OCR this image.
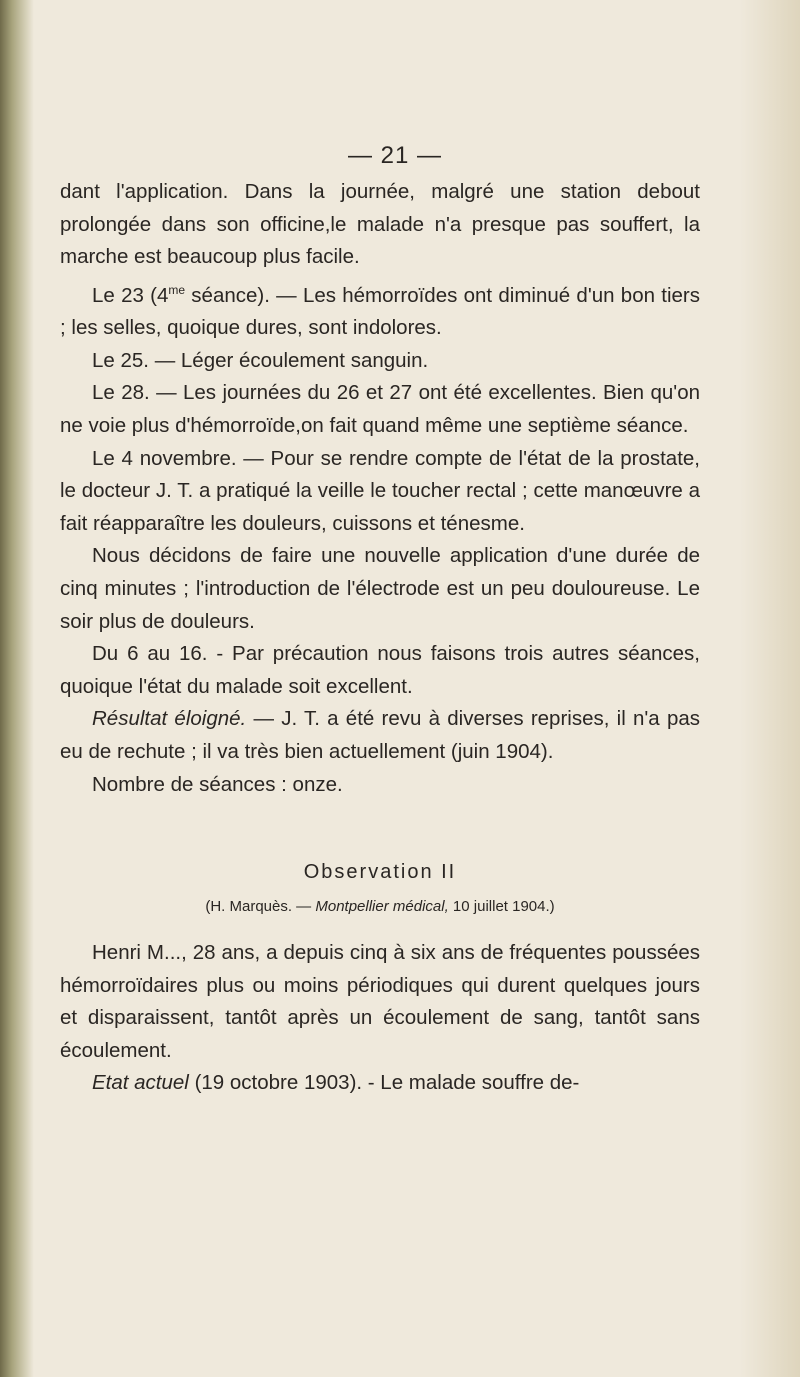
— 21 —

dant l'application. Dans la journée, malgré une station debout prolongée dans son officine,le malade n'a presque pas souffert, la marche est beaucoup plus facile.

Le 23 ($4^{me}$ séance). — Les hémorroïdes ont diminué d'un bon tiers ; les selles, quoique dures, sont indolores.

Le 25. — Léger écoulement sanguin.

Le 28. — Les journées du 26 et 27 ont été excellentes. Bien qu'on ne voie plus d'hémorroïde,on fait quand même une septième séance.

Le 4 novembre. — Pour se rendre compte de l'état de la prostate, le docteur J. T. a pratiqué la veille le toucher rectal ; cette manœuvre a fait réapparaître les douleurs, cuissons et ténesme.

Nous décidons de faire une nouvelle application d'une durée de cinq minutes ; l'introduction de l'électrode est un peu douloureuse. Le soir plus de douleurs.

Du 6 au 16. - Par précaution nous faisons trois autres séances, quoique l'état du malade soit excellent.

Résultat éloigné. — J. T. a été revu à diverses reprises, il n'a pas eu de rechute ; il va très bien actuellement (juin 1904).

Nombre de séances : onze.

Observation II
(H. Marquès. — Montpellier médical, 10 juillet 1904.)

Henri M..., 28 ans, a depuis cinq à six ans de fréquentes poussées hémorroïdaires plus ou moins périodiques qui durent quelques jours et disparaissent, tantôt après un écoulement de sang, tantôt sans écoulement.

Etat actuel (19 octobre 1903). - Le malade souffre de-
